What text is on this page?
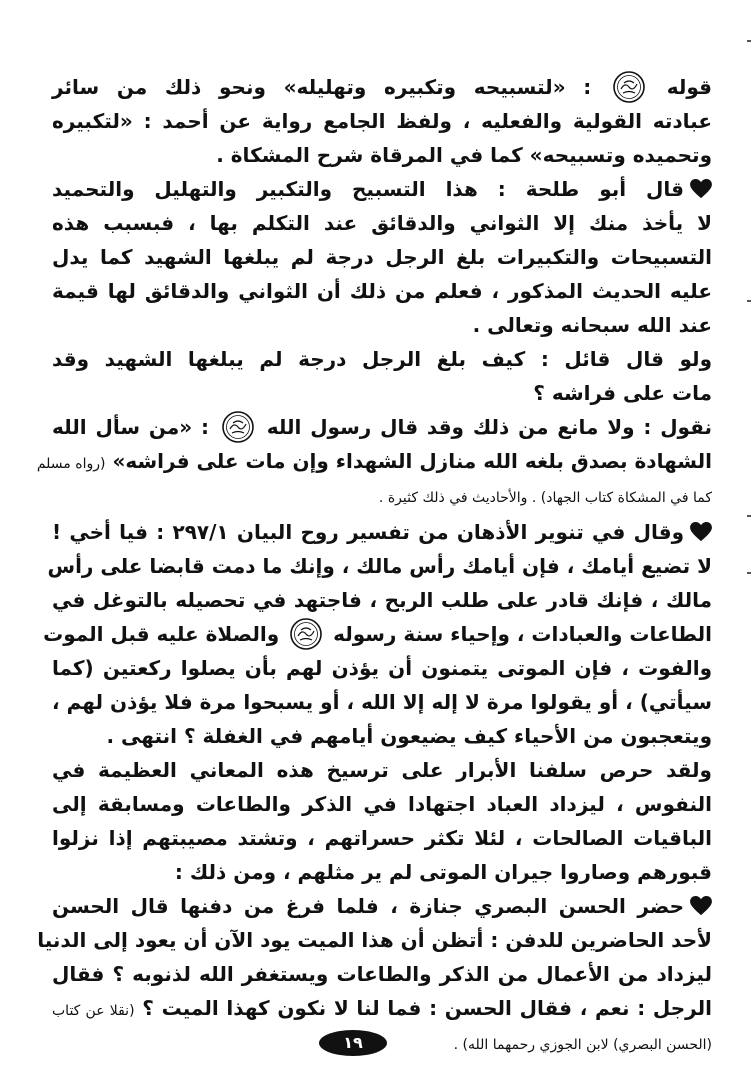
قوله  : «لتسبيحه وتكبيره وتهليله» ونحو ذلك من سائر
عبادته القولية والفعليه ، ولفظ الجامع رواية عن أحمد : «لتكبيره
وتحميده وتسبيحه» كما في المرقاة شرح المشكاة .
قال أبو طلحة : هذا التسبيح والتكبير والتهليل والتحميد
لا يأخذ منك إلا الثواني والدقائق عند التكلم بها ، فبسبب هذه
التسبيحات والتكبيرات بلغ الرجل درجة لم يبلغها الشهيد كما يدل
عليه الحديث المذكور ، فعلم من ذلك أن الثواني والدقائق لها قيمة
عند الله سبحانه وتعالى .
ولو قال قائل : كيف بلغ الرجل درجة لم يبلغها الشهيد وقد
مات على فراشه ؟
نقول : ولا مانع من ذلك وقد قال رسول الله  : «من سأل الله
الشهادة بصدق بلغه الله منازل الشهداء وإن مات على فراشه» (رواه مسلم
كما في المشكاة كتاب الجهاد) . والأحاديث في ذلك كثيرة .
وقال في تنوير الأذهان من تفسير روح البيان ٢٩٧/١ : فيا أخي !
لا تضيع أيامك ، فإن أيامك رأس مالك ، وإنك ما دمت قابضا على رأس
مالك ، فإنك قادر على طلب الربح ، فاجتهد في تحصيله بالتوغل في
الطاعات والعبادات ، وإحياء سنة رسوله  والصلاة عليه قبل الموت
والفوت ، فإن الموتى يتمنون أن يؤذن لهم بأن يصلوا ركعتين (كما
سيأتي) ، أو يقولوا مرة لا إله إلا الله ، أو يسبحوا مرة فلا يؤذن لهم ،
ويتعجبون من الأحياء كيف يضيعون أيامهم في الغفلة ؟ انتهى .
ولقد حرص سلفنا الأبرار على ترسيخ هذه المعاني العظيمة في
النفوس ، ليزداد العباد اجتهادا في الذكر والطاعات ومسابقة إلى
الباقيات الصالحات ، لئلا تكثر حسراتهم ، وتشتد مصيبتهم إذا نزلوا
قبورهم وصاروا جيران الموتى لم ير مثلهم ، ومن ذلك :
حضر الحسن البصري جنازة ، فلما فرغ من دفنها قال الحسن
لأحد الحاضرين للدفن : أتظن أن هذا الميت يود الآن أن يعود إلى الدنيا
ليزداد من الأعمال من الذكر والطاعات ويستغفر الله لذنوبه ؟ فقال
الرجل : نعم ، فقال الحسن : فما لنا لا نكون كهذا الميت ؟ (نقلا عن كتاب
(الحسن البصري) لابن الجوزي رحمهما الله) .
١٩
